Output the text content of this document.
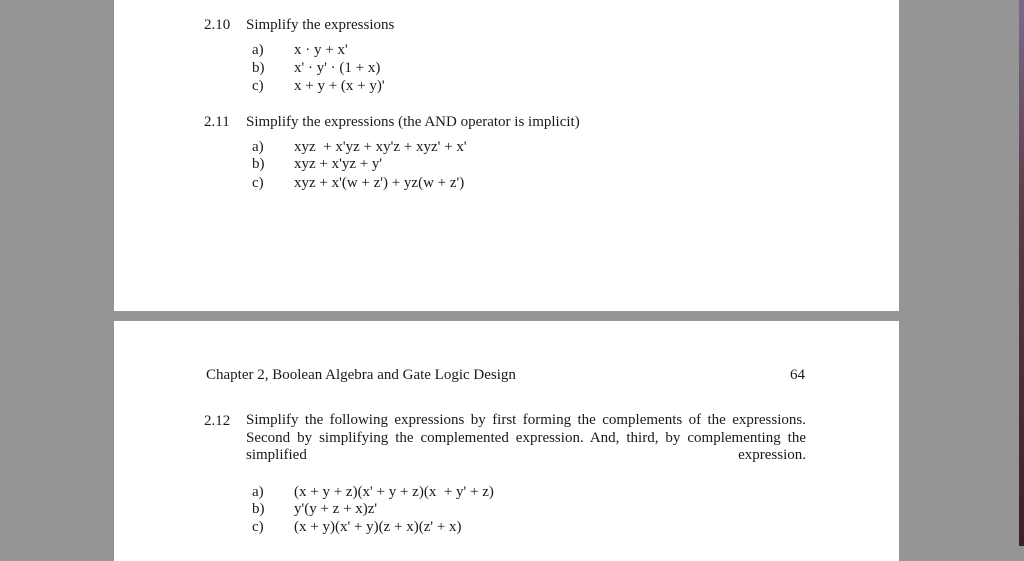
2.10 Simplify the expressions
a) x · y + x'
b) x' · y' · (1 + x)
c) x + y + (x + y)'
2.11 Simplify the expressions (the AND operator is implicit)
a) xyz  + x'yz + xy'z + xyz' + x'
b) xyz + x'yz + y'
c) xyz + x'(w + z') + yz(w + z')
Chapter 2, Boolean Algebra and Gate Logic Design	64
2.12 Simplify the following expressions by first forming the complements of the expressions. Second by simplifying the complemented expression. And, third, by complementing the simplified expression.
a) (x + y + z)(x' + y + z)(x  + y' + z)
b) y'(y + z + x)z'
c) (x + y)(x' + y)(z + x)(z' + x)
